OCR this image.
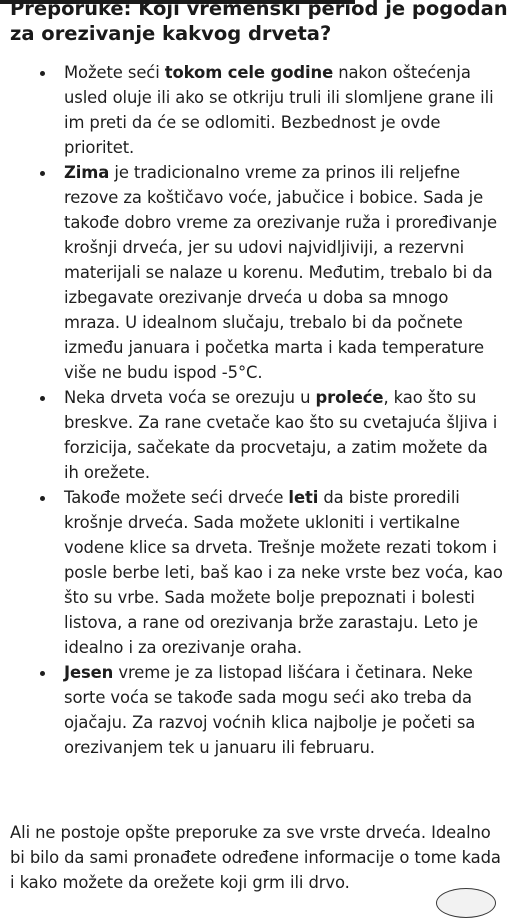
Preporuke: Koji vremenski period je pogodan za orezivanje kakvog drveta?
Možete seći tokom cele godine nakon oštećenja usled oluje ili ako se otkriju truli ili slomljene grane ili im preti da će se odlomiti. Bezbednost je ovde prioritet.
Zima je tradicionalno vreme za prinos ili reljefne rezove za koštičavo voće, jabučice i bobice. Sada je takođe dobro vreme za orezivanje ruža i proređivanje krošnji drveća, jer su udovi najvidljiviji, a rezervni materijali se nalaze u korenu. Međutim, trebalo bi da izbegavate orezivanje drveća u doba sa mnogo mraza. U idealnom slučaju, trebalo bi da počnete između januara i početka marta i kada temperature više ne budu ispod -5°C.
Neka drveta voća se orezuju u proleće, kao što su breskve. Za rane cvetače kao što su cvetajuća šljiva i forzicija, sačekate da procvetaju, a zatim možete da ih orežete.
Takođe možete seći drveće leti da biste proredili krošnje drveća. Sada možete ukloniti i vertikalne vodene klice sa drveta. Trešnje možete rezati tokom i posle berbe leti, baš kao i za neke vrste bez voća, kao što su vrbe. Sada možete bolje prepoznati i bolesti listova, a rane od orezivanja brže zarastaju. Leto je idealno i za orezivanje oraha.
Jesen vreme je za listopad lišćara i četinara. Neke sorte voća se takođe sada mogu seći ako treba da ojačaju. Za razvoj voćnih klica najbolje je početi sa orezivanjem tek u januaru ili februaru.

Ali ne postoje opšte preporuke za sve vrste drveća. Idealno bi bilo da sami pronađete određene informacije o tome kada i kako možete da orežete koji grm ili drvo.
